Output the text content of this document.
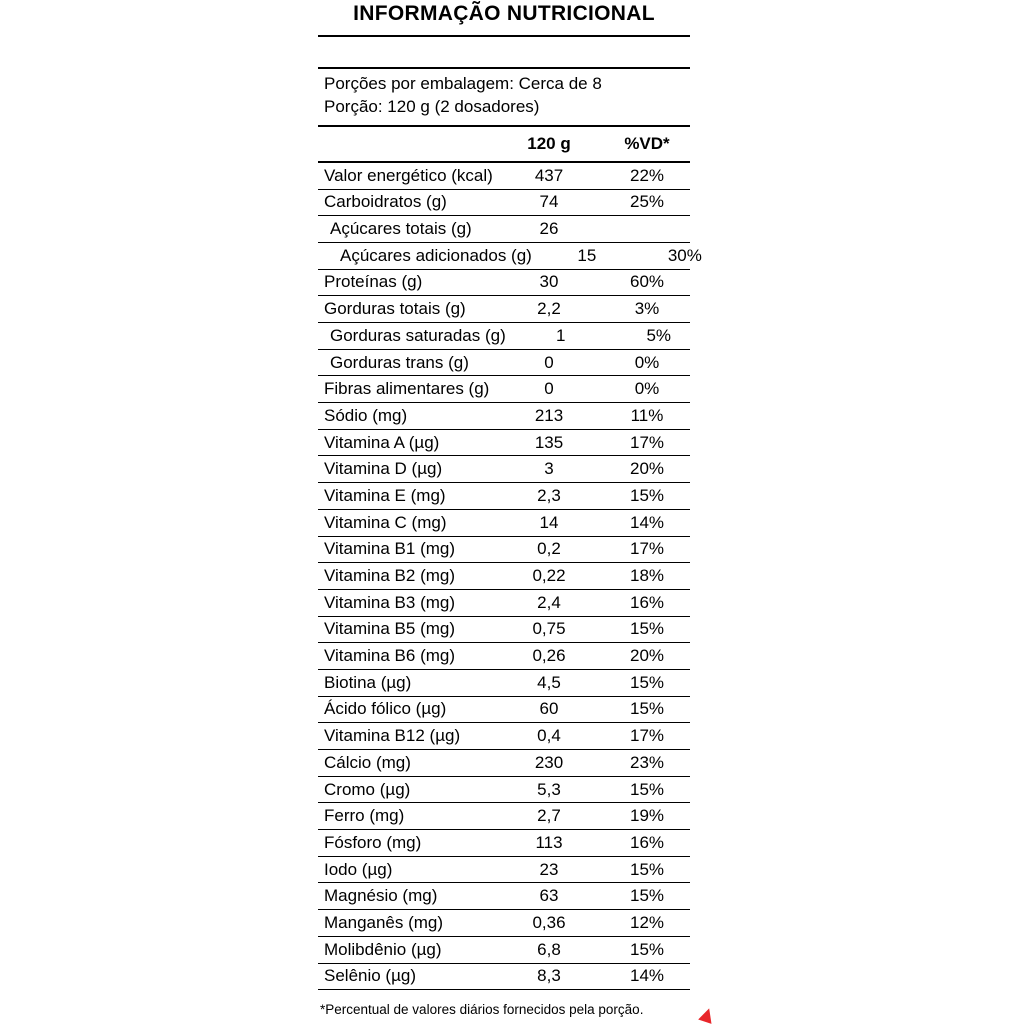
INFORMAÇÃO NUTRICIONAL
Porções por embalagem: Cerca de 8
Porção: 120 g (2 dosadores)
120 g	%VD*
Valor energético (kcal)	437	22%
Carboidratos (g)	74	25%
Açúcares totais (g)	26
Açúcares adicionados (g)	15	30%
Proteínas (g)	30	60%
Gorduras totais (g)	2,2	3%
Gorduras saturadas (g)	1	5%
Gorduras trans (g)	0	0%
Fibras alimentares (g)	0	0%
Sódio (mg)	213	11%
Vitamina A (µg)	135	17%
Vitamina D (µg)	3	20%
Vitamina E (mg)	2,3	15%
Vitamina C (mg)	14	14%
Vitamina B1 (mg)	0,2	17%
Vitamina B2 (mg)	0,22	18%
Vitamina B3 (mg)	2,4	16%
Vitamina B5 (mg)	0,75	15%
Vitamina B6 (mg)	0,26	20%
Biotina (µg)	4,5	15%
Ácido fólico (µg)	60	15%
Vitamina B12 (µg)	0,4	17%
Cálcio (mg)	230	23%
Cromo (µg)	5,3	15%
Ferro (mg)	2,7	19%
Fósforo (mg)	113	16%
Iodo (µg)	23	15%
Magnésio (mg)	63	15%
Manganês (mg)	0,36	12%
Molibdênio (µg)	6,8	15%
Selênio (µg)	8,3	14%
*Percentual de valores diários fornecidos pela porção.
